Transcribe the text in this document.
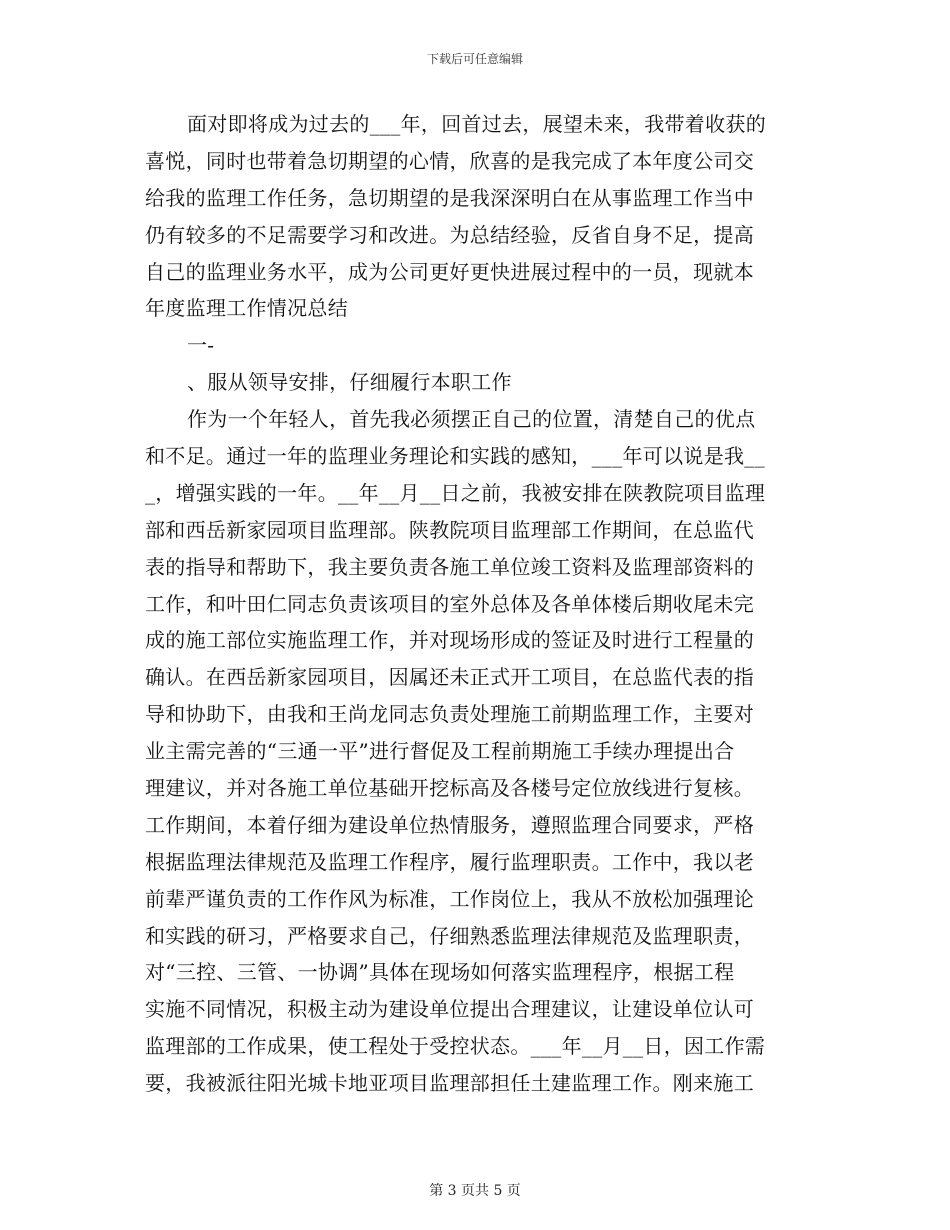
下载后可任意编辑
面对即将成为过去的___年，回首过去，展望未来，我带着收获的
喜悦，同时也带着急切期望的心情，欣喜的是我完成了本年度公司交
给我的监理工作任务，急切期望的是我深深明白在从事监理工作当中
仍有较多的不足需要学习和改进。为总结经验，反省自身不足，提高
自己的监理业务水平，成为公司更好更快进展过程中的一员，现就本
年度监理工作情况总结
一-
、服从领导安排，仔细履行本职工作
作为一个年轻人，首先我必须摆正自己的位置，清楚自己的优点
和不足。通过一年的监理业务理论和实践的感知，___年可以说是我__
_，增强实践的一年。__年__月__日之前，我被安排在陕教院项目监理
部和西岳新家园项目监理部。陕教院项目监理部工作期间，在总监代
表的指导和帮助下，我主要负责各施工单位竣工资料及监理部资料的
工作，和叶田仁同志负责该项目的室外总体及各单体楼后期收尾未完
成的施工部位实施监理工作，并对现场形成的签证及时进行工程量的
确认。在西岳新家园项目，因属还未正式开工项目，在总监代表的指
导和协助下，由我和王尚龙同志负责处理施工前期监理工作，主要对
业主需完善的“三通一平”进行督促及工程前期施工手续办理提出合
理建议，并对各施工单位基础开挖标高及各楼号定位放线进行复核。
工作期间，本着仔细为建设单位热情服务，遵照监理合同要求，严格
根据监理法律规范及监理工作程序，履行监理职责。工作中，我以老
前辈严谨负责的工作作风为标准，工作岗位上，我从不放松加强理论
和实践的研习，严格要求自己，仔细熟悉监理法律规范及监理职责，
对“三控、三管、一协调”具体在现场如何落实监理程序，根据工程
实施不同情况，积极主动为建设单位提出合理建议，让建设单位认可
监理部的工作成果，使工程处于受控状态。___年__月__日，因工作需
要，我被派往阳光城卡地亚项目监理部担任土建监理工作。刚来施工
第 3 页共 5 页
